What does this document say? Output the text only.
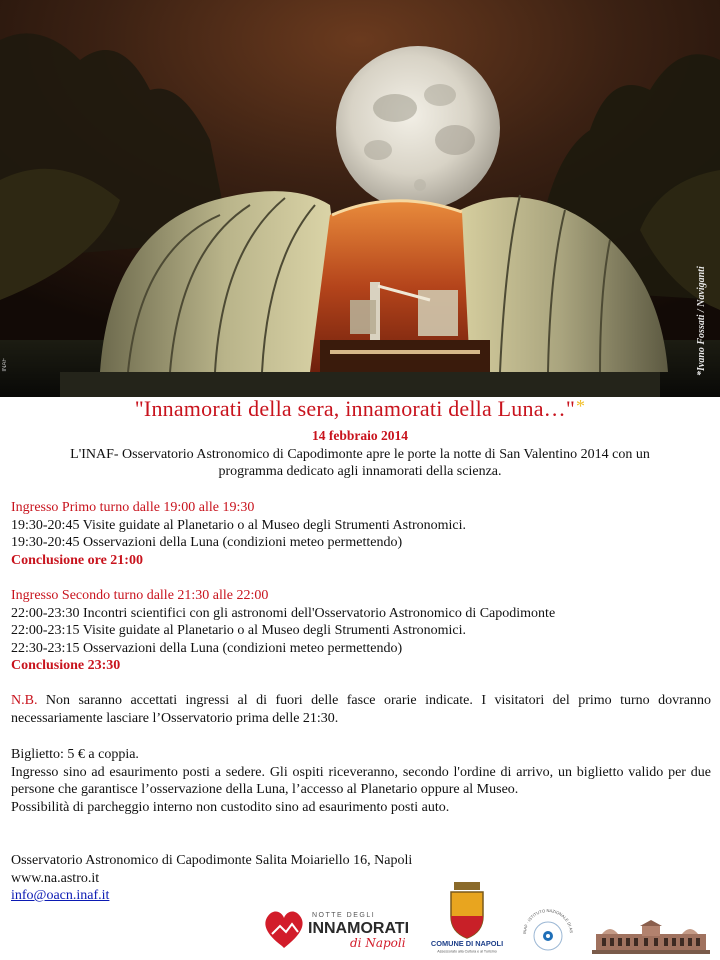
*Ivano Fossati / Naviganti
INAF
"Innamorati della sera, innamorati della Luna…"*
14 febbraio 2014
L'INAF- Osservatorio Astronomico di Capodimonte apre le porte la notte di San Valentino 2014 con un
programma dedicato agli innamorati della scienza.
Ingresso Primo turno dalle 19:00 alle 19:30
19:30-20:45 Visite guidate al Planetario o al Museo degli Strumenti Astronomici.
19:30-20:45 Osservazioni della Luna (condizioni meteo permettendo)
Conclusione ore 21:00
Ingresso Secondo turno dalle 21:30 alle 22:00
22:00-23:30 Incontri scientifici con gli astronomi dell'Osservatorio Astronomico di Capodimonte
22:00-23:15 Visite guidate al Planetario o al Museo degli Strumenti Astronomici.
22:30-23:15 Osservazioni della Luna (condizioni meteo permettendo)
Conclusione 23:30
N.B. Non saranno accettati ingressi al di fuori delle fasce orarie indicate. I visitatori del primo turno dovranno necessariamente lasciare l’Osservatorio prima delle 21:30.
Biglietto: 5 € a coppia.
Ingresso sino ad esaurimento posti a sedere. Gli ospiti riceveranno, secondo l'ordine di arrivo, un biglietto valido per due persone che garantisce l’osservazione della Luna, l’accesso al Planetario oppure al Museo.
Possibilità di parcheggio interno non custodito sino ad esaurimento posti auto.
Osservatorio Astronomico di Capodimonte Salita Moiariello 16, Napoli
www.na.astro.it
info@oacn.inaf.it
NOTTE DEGLI
INNAMORATI
di Napoli	COMUNE DI NAPOLI
Assessorato alla Cultura e al Turismo
INAF · ISTITUTO NAZIONALE DI AS
